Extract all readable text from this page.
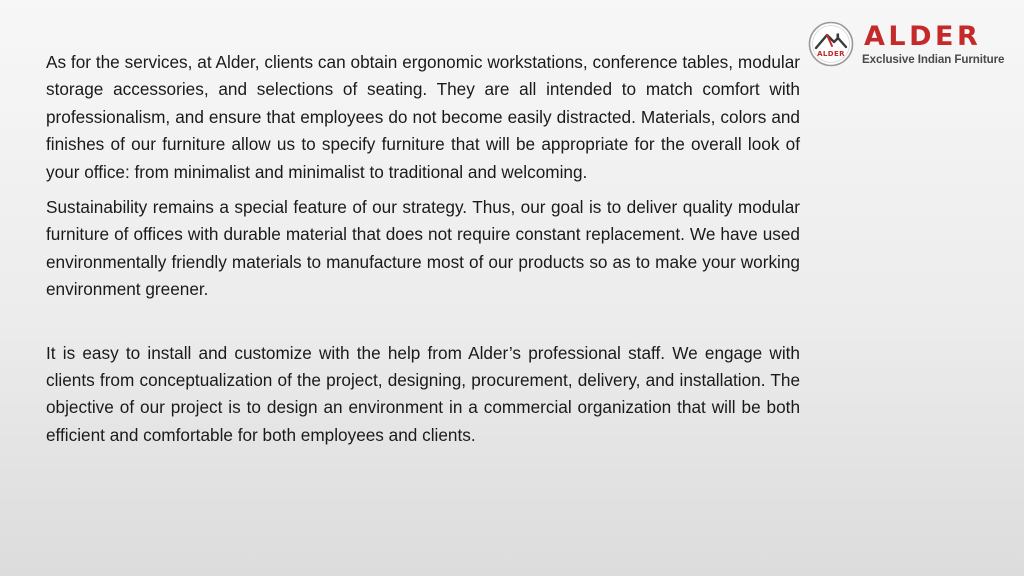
ALDER
ALDER
Exclusive Indian Furniture

As for the services, at Alder, clients can obtain ergonomic workstations, conference tables, modular storage accessories, and selections of seating. They are all intended to match comfort with professionalism, and ensure that employees do not become easily distracted. Materials, colors and finishes of our furniture allow us to specify furniture that will be appropriate for the overall look of your office: from minimalist and minimalist to traditional and welcoming.

Sustainability remains a special feature of our strategy. Thus, our goal is to deliver quality modular furniture of offices with durable material that does not require constant replacement. We have used environmentally friendly materials to manufacture most of our products so as to make your working environment greener.

It is easy to install and customize with the help from Alder’s professional staff. We engage with clients from conceptualization of the project, designing, procurement, delivery, and installation. The objective of our project is to design an environment in a commercial organization that will be both efficient and comfortable for both employees and clients.
